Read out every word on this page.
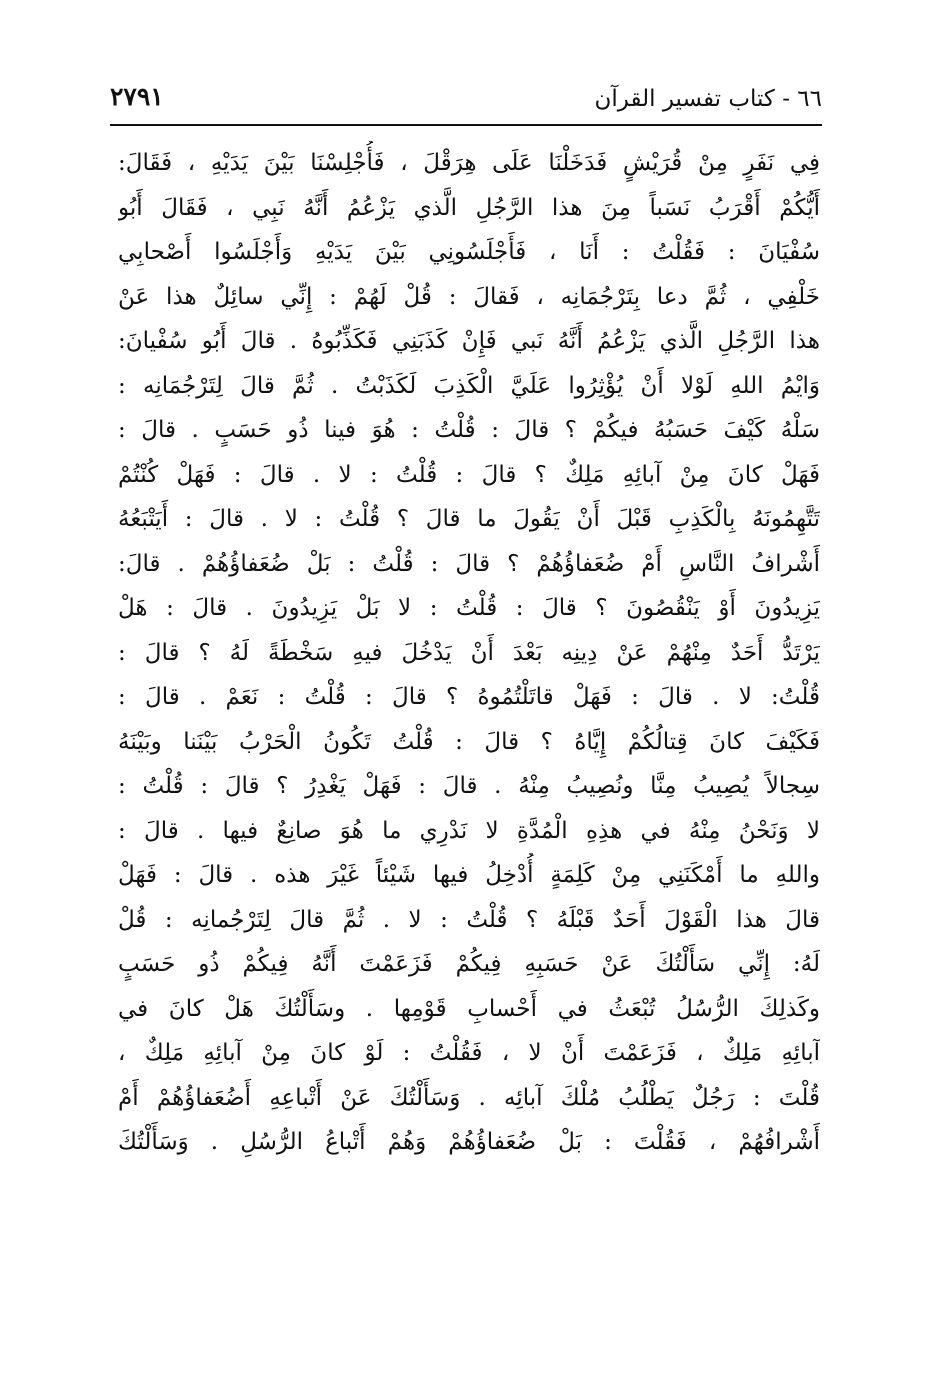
٦٦ - كتاب تفسير القرآن
٢٧٩١
فِي نَفَرٍ مِنْ قُرَيْشٍ فَدَخَلْنَا عَلَى هِرَقْلَ ، فَأُجْلِسْنَا بَيْنَ يَدَيْهِ ، فَقَالَ:
أَيُّكُمْ أَقْرَبُ نَسَباً مِنَ هذا الرَّجُلِ الَّذي يَزْعُمُ أَنَّهُ نَبِي ، فَقَالَ أَبُو
سُفْيَانَ : فَقُلْتُ : أَنَا ، فَأَجْلَسُونِي بَيْنَ يَدَيْهِ وَأَجْلَسُوا أَصْحابِي
خَلْفِي ، ثُمَّ دعا بِتَرْجُمَانِه ، فَقالَ : قُلْ لَهُمْ : إِنِّي سائِلٌ هذا عَنْ
هذا الرَّجُلِ الَّذي يَزْعُمُ أَنَّهُ نَبي فَإِنْ كَذَبَنِي فَكَذِّبُوهُ . قالَ أَبُو سُفْيانَ:
وَايْمُ اللهِ لَوْلا أَنْ يُؤْثِرُوا عَلَيَّ الْكَذِبَ لَكَذَبْتُ . ثُمَّ قالَ لِتَرْجُمَانِه :
سَلْهُ كَيْفَ حَسَبُهُ فيكُمْ ؟ قالَ : قُلْتُ : هُوَ فينا ذُو حَسَبٍ . قالَ :
فَهَلْ كانَ مِنْ آبائِهِ مَلِكٌ ؟ قالَ : قُلْتُ : لا . قالَ : فَهَلْ كُنْتُمْ
تَتَّهِمُونَهُ بِالْكَذِبِ قَبْلَ أَنْ يَقُولَ ما قالَ ؟ قُلْتُ : لا . قالَ : أَيَتْبَعُهُ
أَشْرافُ النَّاسِ أَمْ ضُعَفاؤُهُمْ ؟ قالَ : قُلْتُ : بَلْ ضُعَفاؤُهُمْ . قالَ:
يَزِيدُونَ أَوْ يَنْقُصُونَ ؟ قالَ : قُلْتُ : لا بَلْ يَزِيدُونَ . قالَ : هَلْ
يَرْتَدُّ أَحَدٌ مِنْهُمْ عَنْ دِينِه بَعْدَ أَنْ يَدْخُلَ فيهِ سَخْطَةً لَهُ ؟ قالَ :
قُلْتُ: لا . قالَ : فَهَلْ قاتَلْتُمُوهُ ؟ قالَ : قُلْتُ : نَعَمْ . قالَ :
فَكَيْفَ كانَ قِتالُكُمْ إِيَّاهُ ؟ قالَ : قُلْتُ تَكُونُ الْحَرْبُ بَيْنَنا وبَيْنَهُ
سِجالاً يُصِيبُ مِنَّا ونُصِيبُ مِنْهُ . قالَ : فَهَلْ يَغْدِرُ ؟ قالَ : قُلْتُ :
لا وَنَحْنُ مِنْهُ في هذِهِ الْمُدَّةِ لا نَدْرِي ما هُوَ صانِعٌ فيها . قالَ :
واللهِ ما أَمْكَنَنِي مِنْ كَلِمَةٍ أُدْخِلُ فيها شَيْئاً غَيْرَ هذه . قالَ : فَهَلْ
قالَ هذا الْقَوْلَ أَحَدٌ قَبْلَهُ ؟ قُلْتُ : لا . ثُمَّ قالَ لِتَرْجُمانِه : قُلْ
لَهُ: إِنِّي سَأَلْتُكَ عَنْ حَسَبِهِ فِيكُمْ فَزَعَمْتَ أَنَّهُ فِيكُمْ ذُو حَسَبٍ
وكَذلِكَ الرُّسُلُ تُبْعَثُ في أَحْسابِ قَوْمِها . وسَأَلْتُكَ هَلْ كانَ في
آبائِهِ مَلِكٌ ، فَزَعَمْتَ أَنْ لا ، فَقُلْتُ : لَوْ كانَ مِنْ آبائِهِ مَلِكٌ ،
قُلْتَ : رَجُلٌ يَطْلُبُ مُلْكَ آبائِه . وَسَأَلْتُكَ عَنْ أَتْباعِهِ أَضُعَفاؤُهُمْ أَمْ
أَشْرافُهُمْ ، فَقُلْتَ : بَلْ ضُعَفاؤُهُمْ وَهُمْ أَتْباعُ الرُّسُلِ . وَسَأَلْتُكَ
